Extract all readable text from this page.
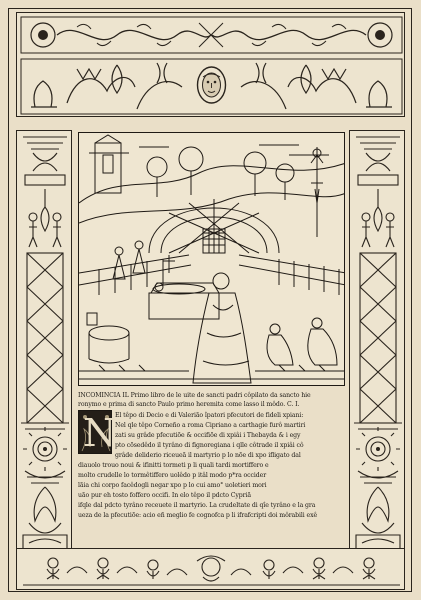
N
INCOMINCIA IL Primo libro de le uite de sancti padri côpilato da sancto hie
ronymo e prima di sancto Paulo primo heremita come lasso il môdo. C. I.
El têpo di Decio e di Valerião îpatori pfecutori de fideli xpiani:
Nel qle têpo Corneño a roma Cipriano a carthagie furô martiri
zati su grâde pfecutiõe & occifiõe di xpiâi i Thebayda & i egy
pto cõsedêdo il tyrâno di fignoregiana i qlle côtrade il xpiâi cô
grâde deliderio riceueã il martyrio p lo nõe di xpo ifligato dal
diauolo trouo noui & ifinitti tormeti p li quali tardi mortiffero e
molto crudelle lo tormêtiffero uolêdo p itâl modo p*ra occider
lãia chi corpo facêdogli negar xpo p lo cui amo° uoletieri mori
uão pur eh tosto foffero occifi. In elo têpo il pdcto Cypriã
ifqle dal pdcto tyrâno receuete il martyrio. La crudeltate di qîe tyrâno e la gra
ueza de la pfecutiõe: acio eñ meglio fe cognofca p li ifrafcripti doi môrabili exê
